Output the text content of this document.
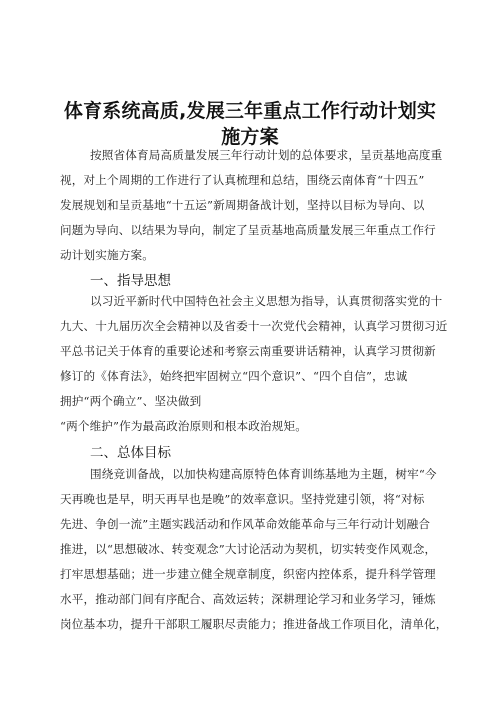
体育系统高质,发展三年重点工作行动计划实
施方案
按照省体育局高质量发展三年行动计划的总体要求，呈贡基地高度重
视，对上个周期的工作进行了认真梳理和总结，围绕云南体育“十四五”
发展规划和呈贡基地“十五运”新周期备战计划，坚持以目标为导向、以
问题为导向、以结果为导向，制定了呈贡基地高质量发展三年重点工作行
动计划实施方案。
一、指导思想
以习近平新时代中国特色社会主义思想为指导，认真贯彻落实党的十
九大、十九届历次全会精神以及省委十一次党代会精神，认真学习贯彻习近
平总书记关于体育的重要论述和考察云南重要讲话精神，认真学习贯彻新
修订的《体育法》，始终把牢固树立“四个意识”、“四个自信”，忠诚
拥护“两个确立”、坚决做到
“两个维护”作为最高政治原则和根本政治规矩。
二、总体目标
围绕竞训备战，以加快构建高原特色体育训练基地为主题，树牢“今
天再晚也是早，明天再早也是晚”的效率意识。坚持党建引领，将“对标
先进、争创一流”主题实践活动和作风革命效能革命与三年行动计划融合
推进，以“思想破冰、转变观念”大讨论活动为契机，切实转变作风观念，
打牢思想基础；进一步建立健全规章制度，织密内控体系，提升科学管理
水平，推动部门间有序配合、高效运转；深耕理论学习和业务学习，锤炼
岗位基本功，提升干部职工履职尽责能力；推进备战工作项目化，清单化，
